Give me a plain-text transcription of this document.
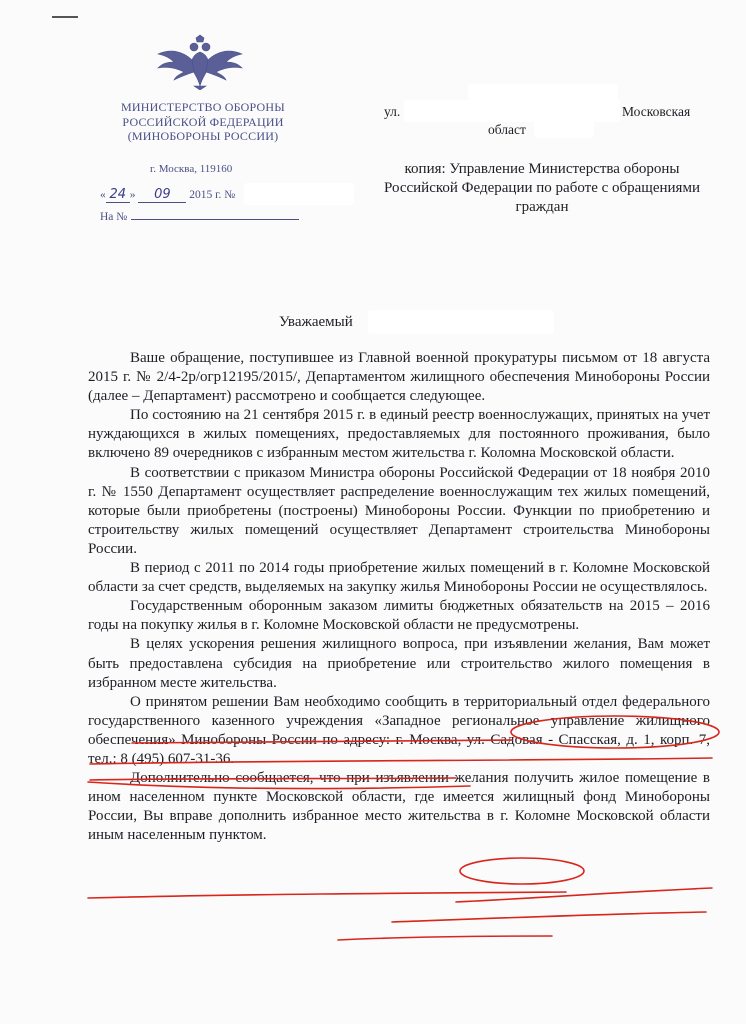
МИНИСТЕРСТВО ОБОРОНЫ
РОССИЙСКОЙ ФЕДЕРАЦИИ
(МИНОБОРОНЫ РОССИИ)
г. Москва, 119160
« 24 » 09 2015 г. №
На №
ул.	Московская
област
копия: Управление Министерства обороны Российской Федерации по работе с обращениями граждан
Уважаемый

Ваше обращение, поступившее из Главной военной прокуратуры письмом от 18 августа 2015 г. № 2/4-2р/огр12195/2015/, Департаментом жилищного обеспечения Минобороны России (далее – Департамент) рассмотрено и сообщается следующее.

По состоянию на 21 сентября 2015 г. в единый реестр военнослужащих, принятых на учет нуждающихся в жилых помещениях, предоставляемых для постоянного проживания, было включено 89 очередников с избранным местом жительства г. Коломна Московской области.

В соответствии с приказом Министра обороны Российской Федерации от 18 ноября 2010 г. № 1550 Департамент осуществляет распределение военнослужащим тех жилых помещений, которые были приобретены (построены) Минобороны России. Функции по приобретению и строительству жилых помещений осуществляет Департамент строительства Минобороны России.

В период с 2011 по 2014 годы приобретение жилых помещений в г. Коломне Московской области за счет средств, выделяемых на закупку жилья Минобороны России не осуществлялось.

Государственным оборонным заказом лимиты бюджетных обязательств на 2015 – 2016 годы на покупку жилья в г. Коломне Московской области не предусмотрены.

В целях ускорения решения жилищного вопроса, при изъявлении желания, Вам может быть предоставлена субсидия на приобретение или строительство жилого помещения в избранном месте жительства.

О принятом решении Вам необходимо сообщить в территориальный отдел федерального государственного казенного учреждения «Западное региональное управление жилищного обеспечения» Минобороны России по адресу: г. Москва, ул. Садовая - Спасская, д. 1, корп. 7, тел.: 8 (495) 607-31-36.

Дополнительно сообщается, что при изъявлении желания получить жилое помещение в ином населенном пункте Московской области, где имеется жилищный фонд Минобороны России, Вы вправе дополнить избранное место жительства в г. Коломне Московской области иным населенным пунктом.
